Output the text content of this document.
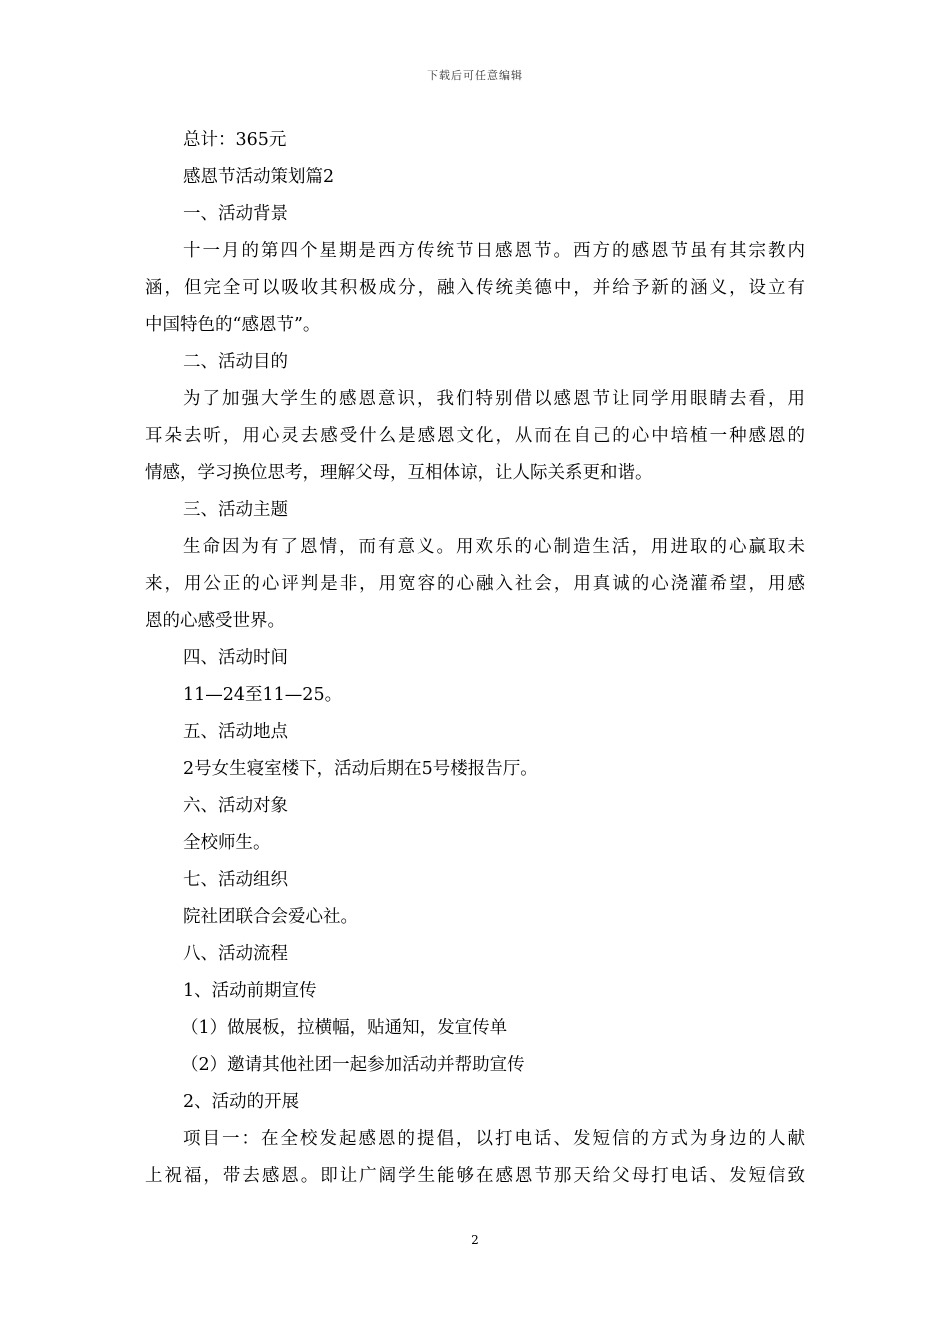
下载后可任意编辑
总计：365元
感恩节活动策划篇2
一、活动背景
十一月的第四个星期是西方传统节日感恩节。西方的感恩节虽有其宗教内
涵，但完全可以吸收其积极成分，融入传统美德中，并给予新的涵义，设立有
中国特色的“感恩节”。
二、活动目的
为了加强大学生的感恩意识，我们特别借以感恩节让同学用眼睛去看，用
耳朵去听，用心灵去感受什么是感恩文化，从而在自己的心中培植一种感恩的
情感，学习换位思考，理解父母，互相体谅，让人际关系更和谐。
三、活动主题
生命因为有了恩情，而有意义。用欢乐的心制造生活，用进取的心赢取未
来，用公正的心评判是非，用宽容的心融入社会，用真诚的心浇灌希望，用感
恩的心感受世界。
四、活动时间
11—24至11—25。
五、活动地点
2号女生寝室楼下，活动后期在5号楼报告厅。
六、活动对象
全校师生。
七、活动组织
院社团联合会爱心社。
八、活动流程
1、活动前期宣传
（1）做展板，拉横幅，贴通知，发宣传单
（2）邀请其他社团一起参加活动并帮助宣传
2、活动的开展
项目一：在全校发起感恩的提倡，以打电话、发短信的方式为身边的人献
上祝福，带去感恩。即让广阔学生能够在感恩节那天给父母打电话、发短信致
2
